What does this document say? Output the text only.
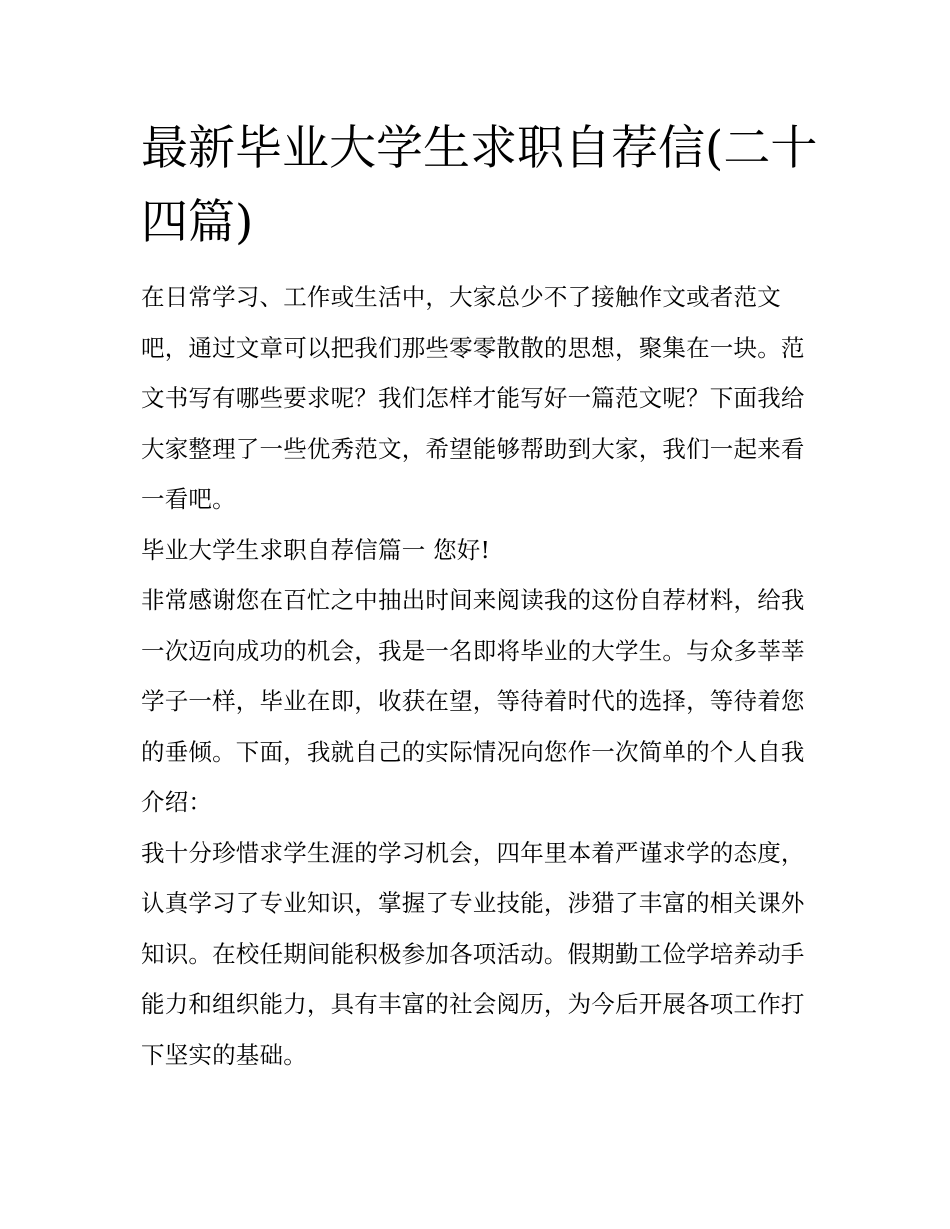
最新毕业大学生求职自荐信(二十四篇)

在日常学习、工作或生活中，大家总少不了接触作文或者范文吧，通过文章可以把我们那些零零散散的思想，聚集在一块。范文书写有哪些要求呢？我们怎样才能写好一篇范文呢？下面我给大家整理了一些优秀范文，希望能够帮助到大家，我们一起来看一看吧。

毕业大学生求职自荐信篇一 您好!

非常感谢您在百忙之中抽出时间来阅读我的这份自荐材料，给我一次迈向成功的机会，我是一名即将毕业的大学生。与众多莘莘学子一样，毕业在即，收获在望，等待着时代的选择，等待着您的垂倾。下面，我就自己的实际情况向您作一次简单的个人自我介绍：

我十分珍惜求学生涯的学习机会，四年里本着严谨求学的态度，认真学习了专业知识，掌握了专业技能，涉猎了丰富的相关课外知识。在校任期间能积极参加各项活动。假期勤工俭学培养动手能力和组织能力，具有丰富的社会阅历，为今后开展各项工作打下坚实的基础。
